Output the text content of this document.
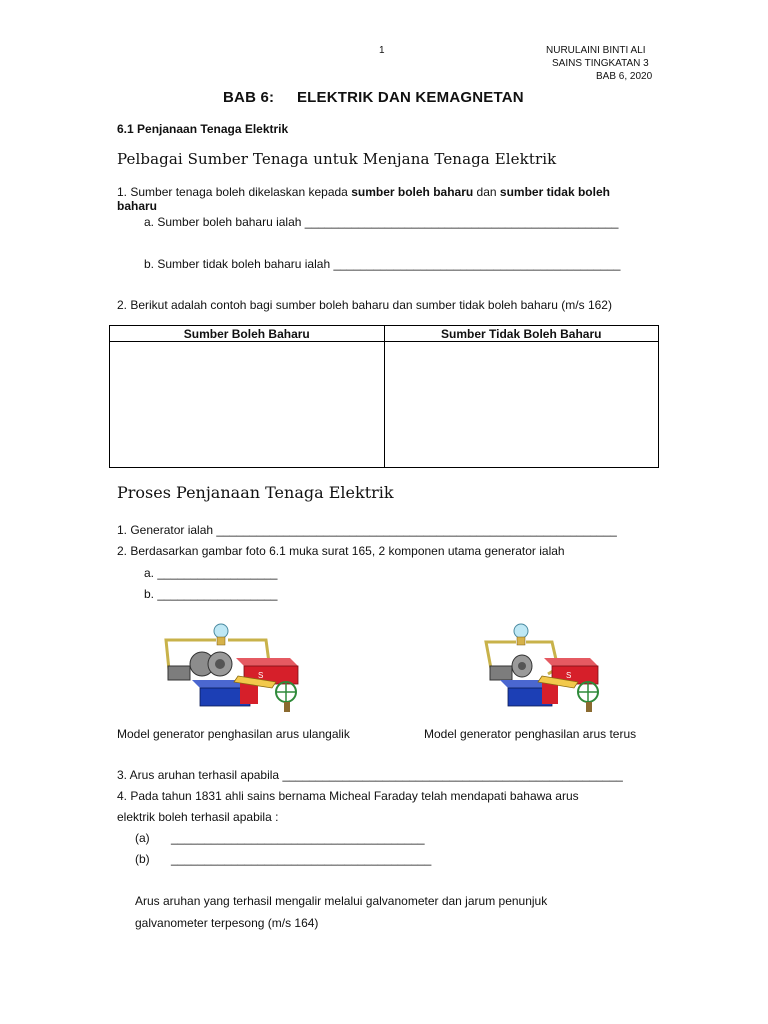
1	NURULAINI BINTI ALI
SAINS TINGKATAN 3
BAB 6, 2020
BAB 6: ELEKTRIK DAN KEMAGNETAN
6.1 Penjanaan Tenaga Elektrik
Pelbagai Sumber Tenaga untuk Menjana Tenaga Elektrik
1. Sumber tenaga boleh dikelaskan kepada sumber boleh baharu dan sumber tidak boleh
baharu
a. Sumber boleh baharu ialah _______________________________________________
b. Sumber tidak boleh baharu ialah ___________________________________________
2. Berikut adalah contoh bagi sumber boleh baharu dan sumber tidak boleh baharu (m/s 162)
Sumber Boleh Baharu	Sumber Tidak Boleh Baharu

Proses Penjanaan Tenaga Elektrik
1. Generator ialah ____________________________________________________________
2. Berdasarkan gambar foto 6.1 muka surat 165, 2 komponen utama generator ialah
a. __________________
b. __________________
S	S
Model generator penghasilan arus ulangalik	Model generator penghasilan arus terus
3. Arus aruhan terhasil apabila ___________________________________________________
4. Pada tahun 1831 ahli sains bernama Micheal Faraday telah mendapati bahawa arus
elektrik boleh terhasil apabila :
(a) ______________________________________
(b) _______________________________________
Arus aruhan yang terhasil mengalir melalui galvanometer dan jarum penunjuk
galvanometer terpesong (m/s 164)
